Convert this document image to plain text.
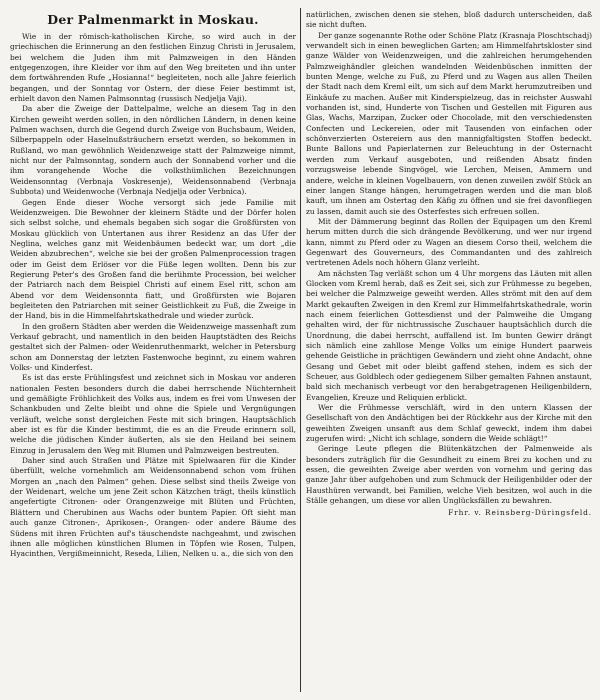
Der Palmenmarkt in Moskau.

Wie in der römisch-katholischen Kirche, so wird auch in der griechischen die Erinnerung an den festlichen Einzug Christi in Jerusalem, bei welchem die Juden ihm mit Palmzweigen in den Händen entgegenzogen, ihre Kleider vor ihm auf den Weg breiteten und ihn unter dem fortwährenden Rufe „Hosianna!“ begleiteten, noch alle Jahre feierlich begangen, und der Sonntag vor Ostern, der diese Feier bestimmt ist, erhielt davon den Namen Palmsonntag (russisch Nedjelja Vaji).

Da aber die Zweige der Dattelpalme, welche an diesem Tag in den Kirchen geweiht werden sollen, in den nördlichen Ländern, in denen keine Palmen wachsen, durch die Gegend durch Zweige von Buchsbaum, Weiden, Silberpappeln oder Haselnußsträuchern ersetzt werden, so bekommen in Rußland, wo man gewöhnlich Weidenzweige statt der Palmzweige nimmt, nicht nur der Palmsonntag, sondern auch der Sonnabend vorher und die ihm vorangehende Woche die volksthümlichen Bezeichnungen Weidensonntag (Verbnaja Voskresenje), Weidensonnabend (Verbnaja Subbota) und Weidenwoche (Verbnaja Nedjelja oder Verbnica).

Gegen Ende dieser Woche versorgt sich jede Familie mit Weidenzweigen. Die Bewohner der kleinern Städte und der Dörfer holen sich selbst solche, und ehemals begaben sich sogar die Großfürsten von Moskau glücklich von Untertanen aus ihrer Residenz an das Ufer der Neglina, welches ganz mit Weidenbäumen bedeckt war, um dort „die Weiden abzubrechen“, welche sie bei der großen Palmenprocession tragen oder im Geist dem Erlöser vor die Füße legen wollten. Denn bis zur Regierung Peter's des Großen fand die berühmte Procession, bei welcher der Patriarch nach dem Beispiel Christi auf einem Esel ritt, schon am Abend vor dem Weidensonnta fiatt, und Großfürsten wie Bojaren begleiteten den Patriarchen mit seiner Geistlichkeit zu Fuß, die Zweige in der Hand, bis in die Himmelfahrtskathedrale und wieder zurück.

In den großern Städten aber werden die Weidenzweige massenhaft zum Verkauf gebracht, und namentlich in den beiden Hauptstädten des Reichs gestaltet sich der Palmen- oder Weidenruthenmarkt, welcher in Petersburg schon am Donnerstag der letzten Fastenwoche beginnt, zu einem wahren Volks- und Kinderfest.

Es ist das erste Frühlingsfest und zeichnet sich in Moskau vor anderen nationalen Festen besonders durch die dabei herrschende Nüchternheit und gemäßigte Fröhlichkeit des Volks aus, indem es frei vom Unwesen der Schankbuden und Zelte bleibt und ohne die Spiele und Vergnügungen verläuft, welche sonst dergleichen Feste mit sich bringen. Hauptsächlich aber ist es für die Kinder bestimmt, die es an die Freude erinnern soll, welche die jüdischen Kinder äußerten, als sie den Heiland bei seinem Einzug in Jerusalem den Weg mit Blumen und Palmzweigen bestreuten.

Daher sind auch Straßen und Plätze mit Spielwaaren für die Kinder überfüllt, welche vornehmlich am Weidensonnabend schon vom frühen Morgen an „nach den Palmen“ gehen. Diese selbst sind theils Zweige von der Weidenart, welche um jene Zeit schon Kätzchen trägt, theils künstlich angefertigte Citronen- oder Orangenzweige mit Blüten und Früchten, Blättern und Cherubinen aus Wachs oder buntem Papier. Oft sieht man auch ganze Citronen-, Aprikosen-, Orangen- oder andere Bäume des Südens mit ihren Früchten auf's täuschendste nachgeahmt, und zwischen ihnen alle möglichen künstlichen Blumen in Töpfen wie Rosen, Tulpen, Hyacinthen, Vergißmeinnicht, Reseda, Lilien, Nelken u. a., die sich von den

natürlichen, zwischen denen sie stehen, bloß dadurch unterscheiden, daß sie nicht duften.

Der ganze sogenannte Rothe oder Schöne Platz (Krasnaja Ploschtschadj) verwandelt sich in einen beweglichen Garten; am Himmelfahrtskloster sind ganze Wälder von Weidenzweigen, und die zahlreichen herumgehenden Palmzweighändler gleichen wandelnden Weidenbüschen inmitten der bunten Menge, welche zu Fuß, zu Pferd und zu Wagen aus allen Theilen der Stadt nach dem Kreml eilt, um sich auf dem Markt herumzutreiben und Einkäufe zu machen. Außer mit Kinderspielzeug, das in reichster Auswahl vorhanden ist, sind, Hunderte von Tischen und Gestellen mit Figuren aus Glas, Wachs, Marzipan, Zucker oder Chocolade, mit den verschiedensten Confecten und Leckereien, oder mit Tausenden von einfachen oder schönverzierten Ostereiern aus den mannigfaltigsten Stoffen bedeckt. Bunte Ballons und Papierlaternen zur Beleuchtung in der Osternacht werden zum Verkauf ausgeboten, und reißenden Absatz finden vorzugsweise lebende Singvögel, wie Lerchen, Meisen, Ammern und andere, welche in kleinen Vogelbauern, von denen zuweilen zwölf Stück an einer langen Stange hängen, herumgetragen werden und die man bloß kauft, um ihnen am Ostertag den Käfig zu öffnen und sie frei davonfliegen zu lassen, damit auch sie des Osterfestes sich erfreuen sollen.

Mit der Dämmerung beginnt das Rollen der Equipagen um den Kreml herum mitten durch die sich drängende Bevölkerung, und wer nur irgend kann, nimmt zu Pferd oder zu Wagen an diesem Corso theil, welchem die Gegenwart des Gouverneurs, des Commandanten und des zahlreich vertretenen Adels noch höhern Glanz verleiht.

Am nächsten Tag verläßt schon um 4 Uhr morgens das Läuten mit allen Glocken vom Kreml herab, daß es Zeit sei, sich zur Frühmesse zu begeben, bei welcher die Palmzweige geweiht werden. Alles strömt mit den auf dem Markt gekauften Zweigen in den Kreml zur Himmelfahrtskathedrale, worin nach einem feierlichen Gottesdienst und der Palmweihe die Umgang gehalten wird, der für nichtrussische Zuschauer hauptsächlich durch die Unordnung, die dabei herrscht, auffallend ist. Im bunten Gewirr drängt sich nämlich eine zahllose Menge Volks um einige Hundert paarweis gehende Geistliche in prächtigen Gewändern und zieht ohne Andacht, ohne Gesang und Gebet mit oder bleibt gaffend stehen, indem es sich der Scheuer, aus Goldblech oder gediegenem Silber gemalten Fahnen anstaunt, bald sich mechanisch verbeugt vor den herabgetragenen Heiligenbildern, Evangelien, Kreuze und Reliquien erblickt.

Wer die Frühmesse verschläft, wird in den untern Klassen der Gesellschaft von den Andächtigen bei der Rückkehr aus der Kirche mit den geweihten Zweigen unsanft aus dem Schlaf geweckt, indem ihm dabei zugerufen wird: „Nicht ich schlage, sondern die Weide schlägt!“

Geringe Leute pflegen die Blütenkätzchen der Palmenweide als besonders zuträglich für die Gesundheit zu einem Brei zu kochen und zu essen, die geweihten Zweige aber werden von vornehm und gering das ganze Jahr über aufgehoben und zum Schmuck der Heiligenbilder oder der Hausthüren verwandt, bei Familien, welche Vieh besitzen, wol auch in die Ställe gehangen, um diese vor allen Unglücksfällen zu bewahren.

Frhr. v. Reinsberg-Düringsfeld.
